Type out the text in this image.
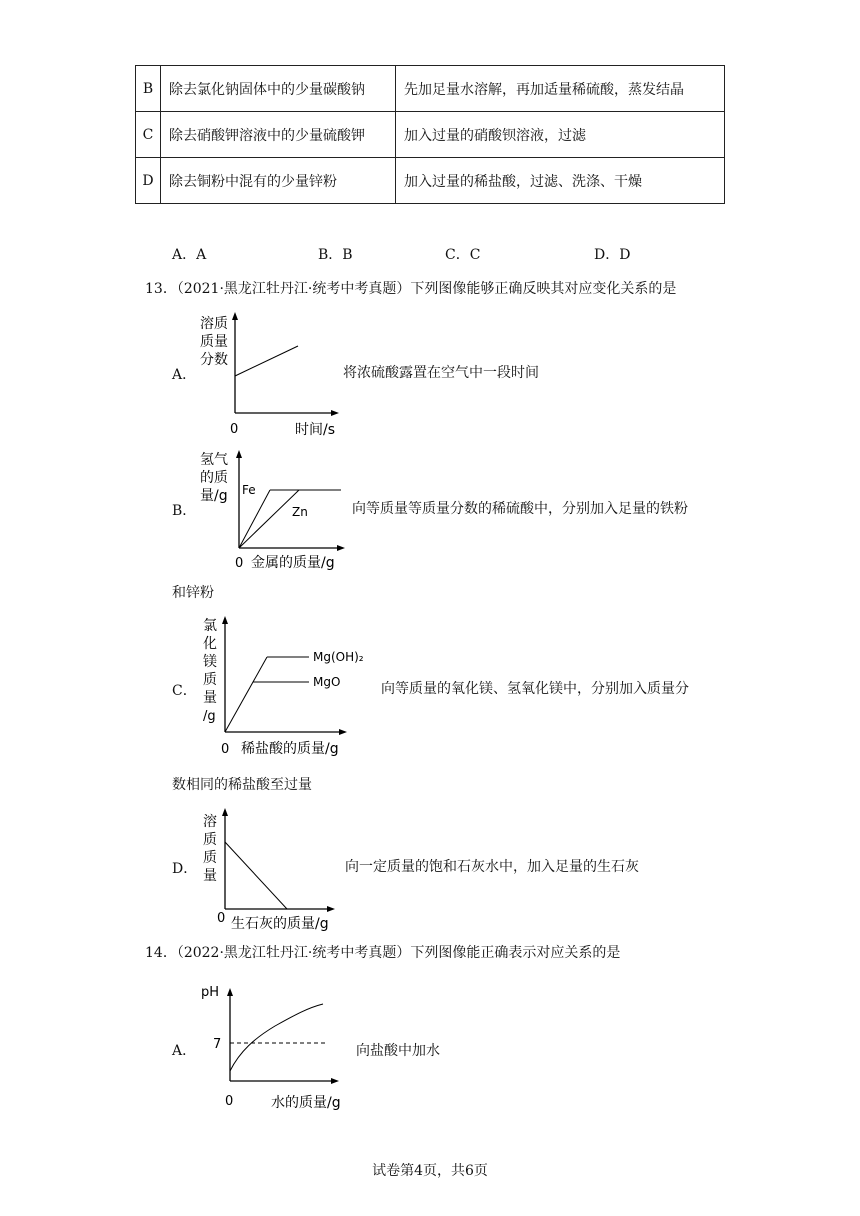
B	除去氯化钠固体中的少量碳酸钠	先加足量水溶解，再加适量稀硫酸，蒸发结晶
C	除去硝酸钾溶液中的少量硫酸钾	加入过量的硝酸钡溶液，过滤
D	除去铜粉中混有的少量锌粉	加入过量的稀盐酸，过滤、洗涤、干燥
A．A	B．B	C．C	D．D
13．（2021·黑龙江牡丹江·统考中考真题）下列图像能够正确反映其对应变化关系的是
A．
溶质
质量
分数
0	时间/s
将浓硫酸露置在空气中一段时间
B．
氢气
的质
量/g Fe
Zn
0 金属的质量/g
向等质量等质量分数的稀硫酸中，分别加入足量的铁粉
和锌粉
C．
氯
化
镁
质
量
/g
0 稀盐酸的质量/g
Mg(OH)₂
MgO	向等质量的氧化镁、氢氧化镁中，分别加入质量分
数相同的稀盐酸至过量
D．
溶
质
质
量
0 生石灰的质量/g
向一定质量的饱和石灰水中，加入足量的生石灰
14．（2022·黑龙江牡丹江·统考中考真题）下列图像能正确表示对应关系的是
A．
pH
7
0	水的质量/g
向盐酸中加水
试卷第4页，共6页
